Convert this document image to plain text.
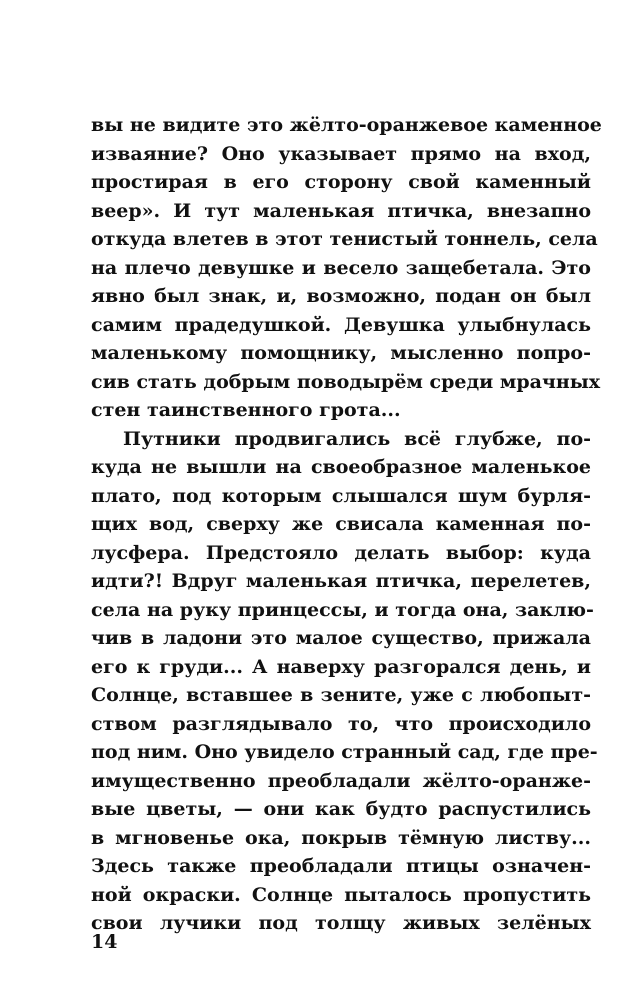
вы не видите это жёлто-оранжевое каменное
изваяние? Оно указывает прямо на вход,
простирая в его сторону свой каменный
веер». И тут маленькая птичка, внезапно
откуда влетев в этот тенистый тоннель, села
на плечо девушке и весело защебетала. Это
явно был знак, и, возможно, подан он был
самим прадедушкой. Девушка улыбнулась
маленькому помощнику, мысленно попро-
сив стать добрым поводырём среди мрачных
стен таинственного грота...
Путники продвигались всё глубже, по-
куда не вышли на своеобразное маленькое
плато, под которым слышался шум бурля-
щих вод, сверху же свисала каменная по-
лусфера. Предстояло делать выбор: куда
идти?! Вдруг маленькая птичка, перелетев,
села на руку принцессы, и тогда она, заклю-
чив в ладони это малое существо, прижала
его к груди... А наверху разгорался день, и
Солнце, вставшее в зените, уже с любопыт-
ством разглядывало то, что происходило
под ним. Оно увидело странный сад, где пре-
имущественно преобладали жёлто-оранже-
вые цветы, — они как будто распустились
в мгновенье ока, покрыв тёмную листву...
Здесь также преобладали птицы означен-
ной окраски. Солнце пыталось пропустить
свои лучики под толщу живых зелёных
14
